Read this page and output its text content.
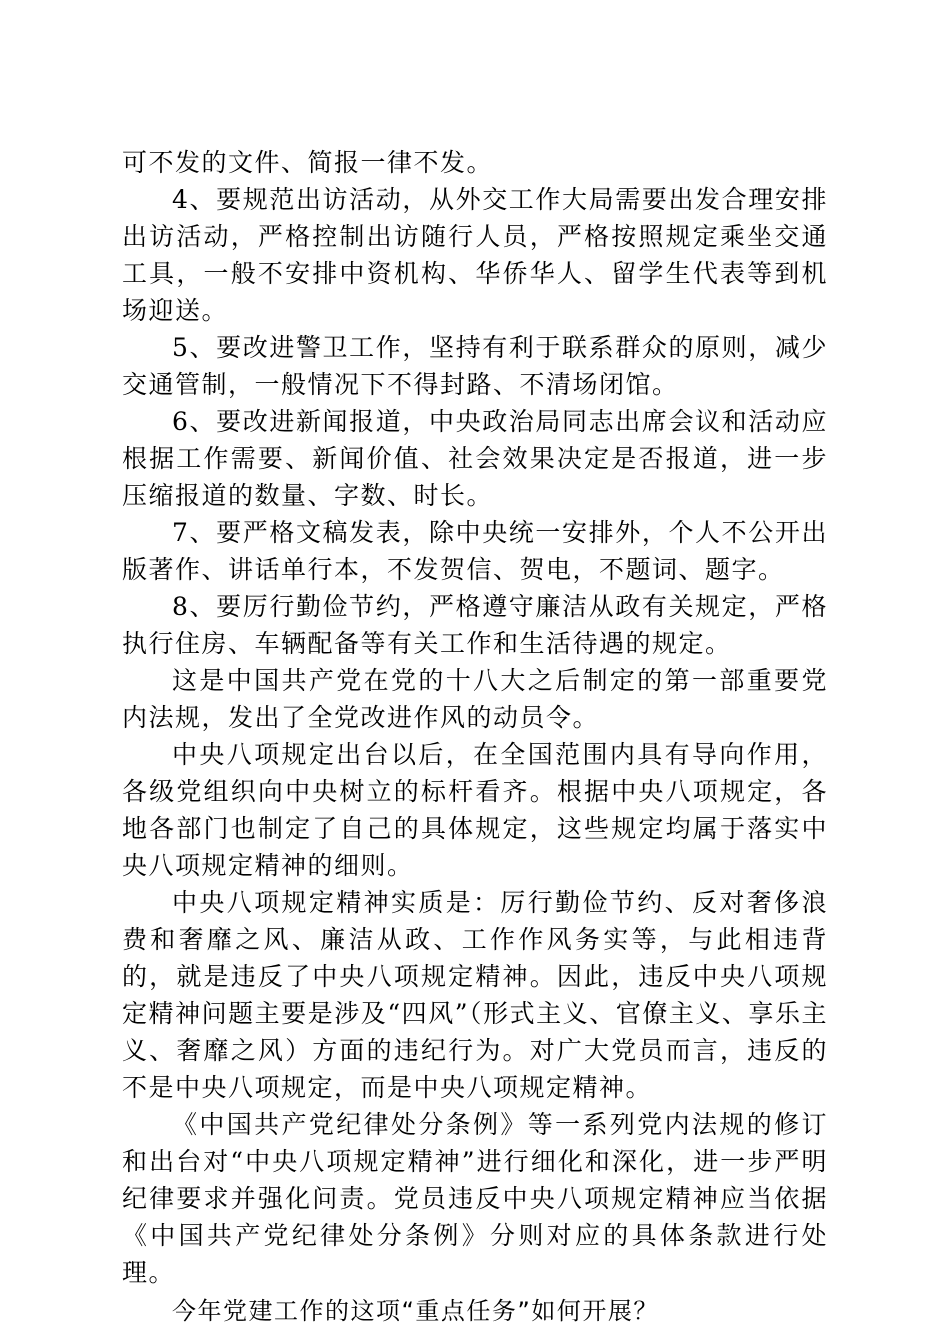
可不发的文件、简报一律不发。

4、要规范出访活动，从外交工作大局需要出发合理安排出访活动，严格控制出访随行人员，严格按照规定乘坐交通工具，一般不安排中资机构、华侨华人、留学生代表等到机场迎送。

5、要改进警卫工作，坚持有利于联系群众的原则，减少交通管制，一般情况下不得封路、不清场闭馆。

6、要改进新闻报道，中央政治局同志出席会议和活动应根据工作需要、新闻价值、社会效果决定是否报道，进一步压缩报道的数量、字数、时长。

7、要严格文稿发表，除中央统一安排外，个人不公开出版著作、讲话单行本，不发贺信、贺电，不题词、题字。

8、要厉行勤俭节约，严格遵守廉洁从政有关规定，严格执行住房、车辆配备等有关工作和生活待遇的规定。

这是中国共产党在党的十八大之后制定的第一部重要党内法规，发出了全党改进作风的动员令。

中央八项规定出台以后，在全国范围内具有导向作用，各级党组织向中央树立的标杆看齐。根据中央八项规定，各地各部门也制定了自己的具体规定，这些规定均属于落实中央八项规定精神的细则。

中央八项规定精神实质是：厉行勤俭节约、反对奢侈浪费和奢靡之风、廉洁从政、工作作风务实等，与此相违背的，就是违反了中央八项规定精神。因此，违反中央八项规定精神问题主要是涉及“四风”（形式主义、官僚主义、享乐主义、奢靡之风）方面的违纪行为。对广大党员而言，违反的不是中央八项规定，而是中央八项规定精神。

《中国共产党纪律处分条例》等一系列党内法规的修订和出台对“中央八项规定精神”进行细化和深化，进一步严明纪律要求并强化问责。党员违反中央八项规定精神应当依据《中国共产党纪律处分条例》分则对应的具体条款进行处理。

今年党建工作的这项“重点任务”如何开展？
